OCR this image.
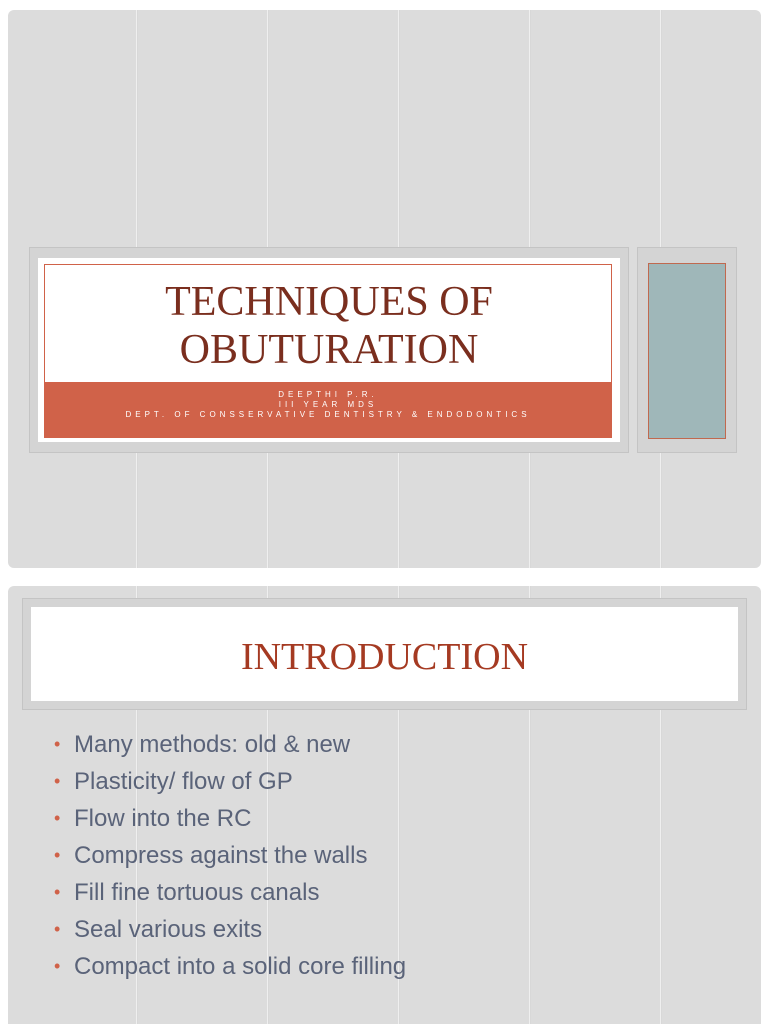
TECHNIQUES OF
OBUTURATION
DEEPTHI P.R.
III YEAR MDS
DEPT. OF CONSSERVATIVE DENTISTRY & ENDODONTICS
INTRODUCTION
• Many methods: old & new
• Plasticity/ flow of GP
• Flow into the RC
• Compress against the walls
• Fill fine tortuous canals
• Seal various exits
• Compact into a solid core filling
